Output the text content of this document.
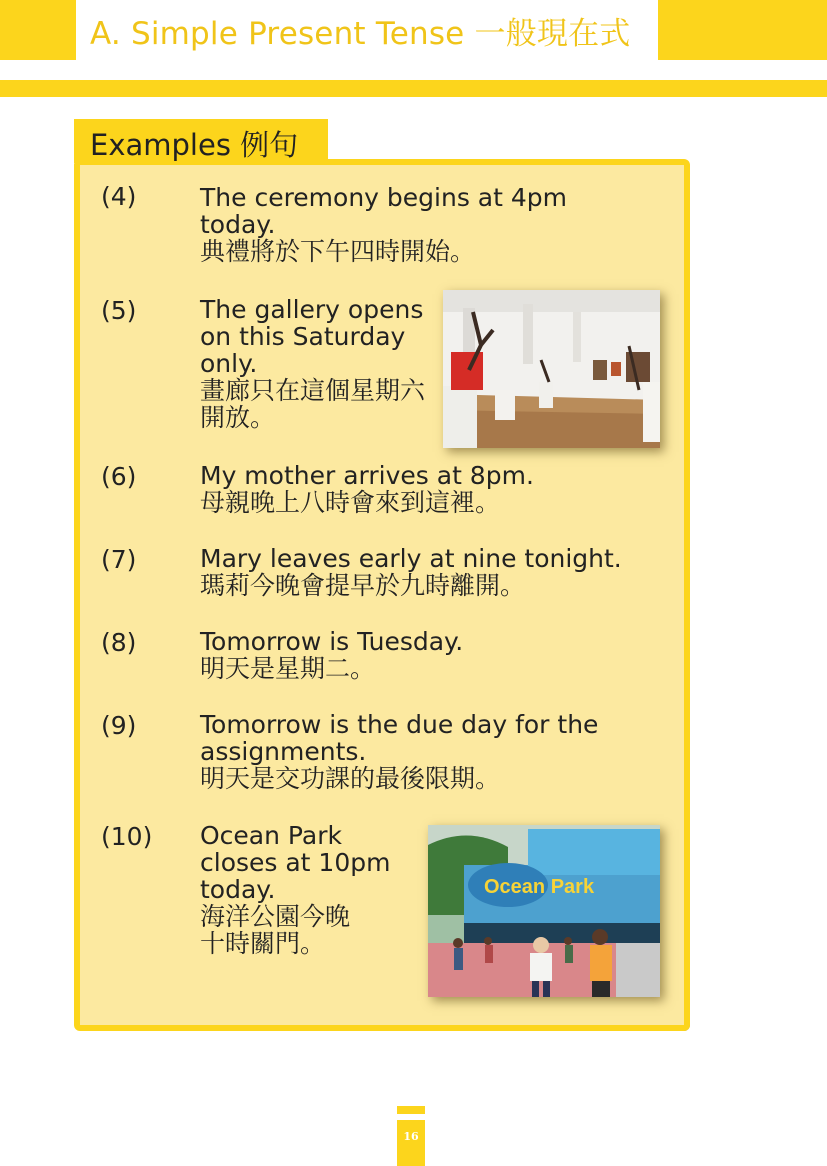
A. Simple Present Tense 一般現在式
Examples 例句
(4)	The ceremony begins at 4pm
today.
典禮將於下午四時開始。
(5)	The gallery opens
on this Saturday
only.
畫廊只在這個星期六
開放。
(6)	My mother arrives at 8pm.
母親晚上八時會來到這裡。
(7)	Mary leaves early at nine tonight.
瑪莉今晚會提早於九時離開。
(8)	Tomorrow is Tuesday.
明天是星期二。
(9)	Tomorrow is the due day for the
assignments.
明天是交功課的最後限期。
(10) Ocean Park
closes at 10pm
today.
海洋公園今晚
十時關門。
Ocean Park
16
